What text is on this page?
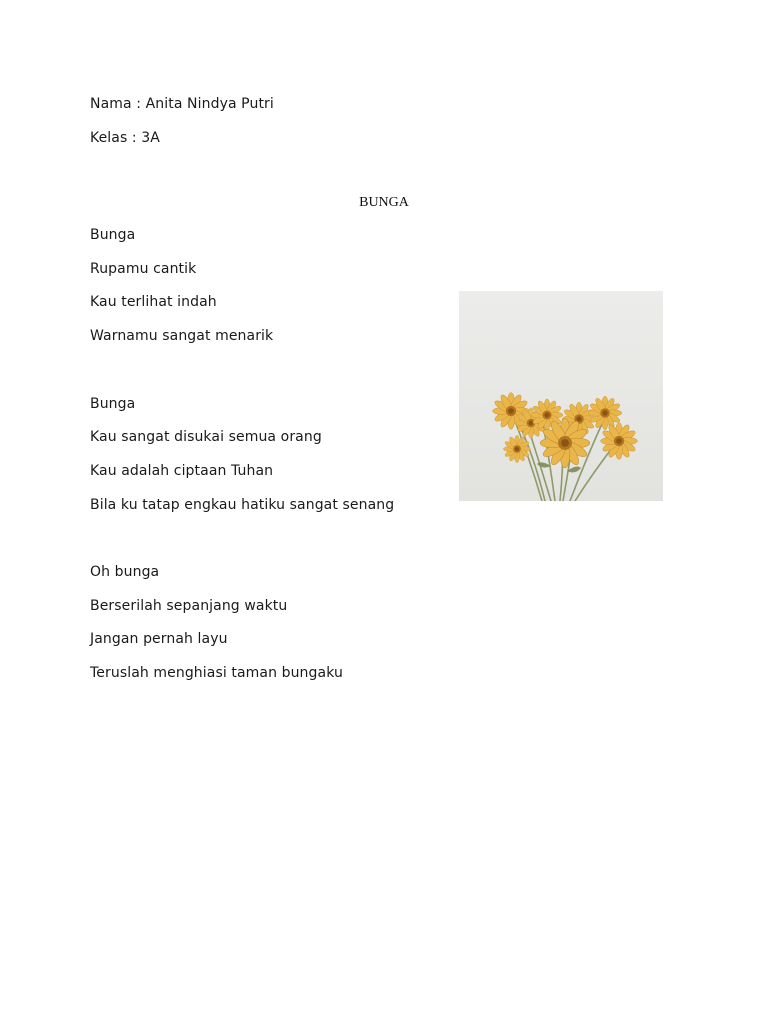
Nama : Anita Nindya Putri
Kelas : 3A
BUNGA
Bunga
Rupamu cantik
Kau terlihat indah
Warnamu sangat menarik
Bunga
Kau sangat disukai semua orang
Kau adalah ciptaan Tuhan
Bila ku tatap engkau hatiku sangat senang
Oh bunga
Berserilah sepanjang waktu
Jangan pernah layu
Teruslah menghiasi taman bungaku
